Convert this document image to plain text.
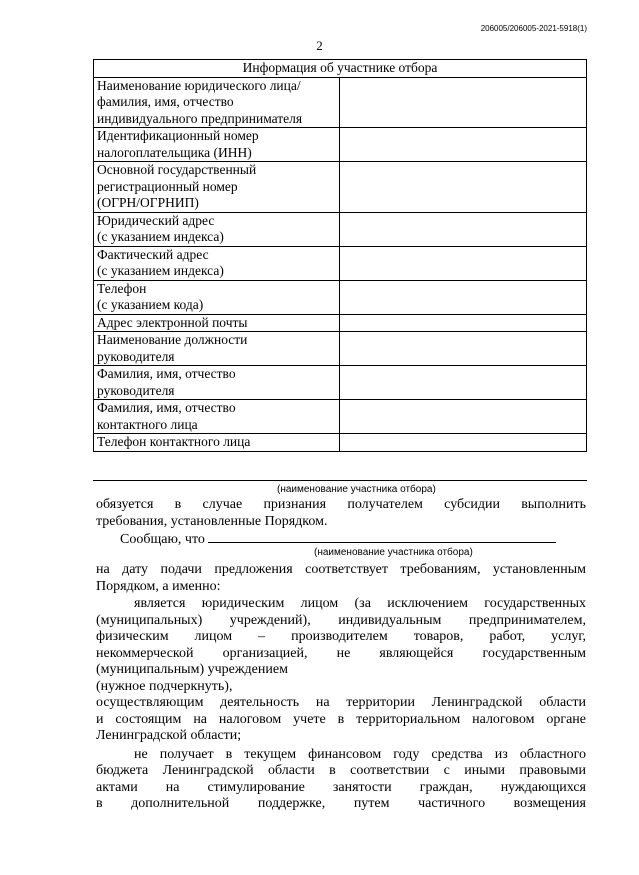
206005/206005-2021-5918(1)
2
Информация об участнике отбора	

Наименование юридического лица/
фамилия, имя, отчество
индивидуального предпринимателя	

Идентификационный номер
налогоплательщика (ИНН)	

Основной государственный
регистрационный номер
(ОГРН/ОГРНИП)	

Юридический адрес
(с указанием индекса)	

Фактический адрес
(с указанием индекса)	

Телефон
(с указанием кода)	

Адрес электронной почты	

Наименование должности
руководителя	

Фамилия, имя, отчество
руководителя	

Фамилия, имя, отчество
контактного лица	

Телефон контактного лица	

(наименование участника отбора)

обязуется в случае признания получателем субсидии выполнить

требования, установленные Порядком.

Сообщаю, что

(наименование участника отбора)

на дату подачи предложения соответствует требованиям, установленным

Порядком, а именно:

является юридическим лицом (за исключением государственных

(муниципальных) учреждений), индивидуальным предпринимателем,

физическим лицом – производителем товаров, работ, услуг,

некоммерческой организацией, не являющейся государственным

(муниципальным) учреждением

(нужное подчеркнуть),

осуществляющим деятельность на территории Ленинградской области

и состоящим на налоговом учете в территориальном налоговом органе

Ленинградской области;

не получает в текущем финансовом году средства из областного

бюджета Ленинградской области в соответствии с иными правовыми

актами на стимулирование занятости граждан, нуждающихся

в дополнительной поддержке, путем частичного возмещения
